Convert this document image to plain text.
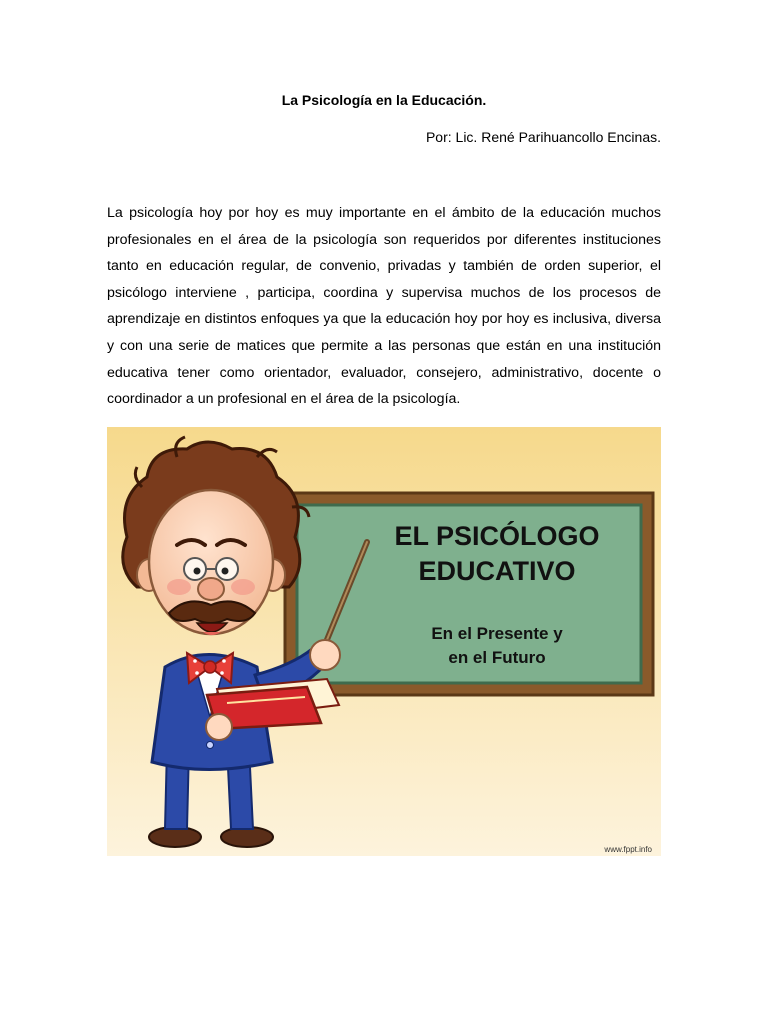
La Psicología en la Educación.
Por: Lic. René Parihuancollo Encinas.

La psicología hoy por hoy es muy importante en el ámbito de la educación muchos profesionales en el área de la psicología son requeridos por diferentes instituciones tanto en educación regular, de convenio, privadas y también de orden superior, el psicólogo interviene , participa, coordina y supervisa muchos de los procesos de aprendizaje en distintos enfoques ya que la educación hoy por hoy es inclusiva, diversa y con una serie de matices que permite a las personas que están en una institución educativa tener como orientador, evaluador, consejero, administrativo, docente o coordinador a un profesional en el área de la psicología.

EL PSICÓLOGO
EDUCATIVO
En el Presente y
en el Futuro
www.fppt.info
